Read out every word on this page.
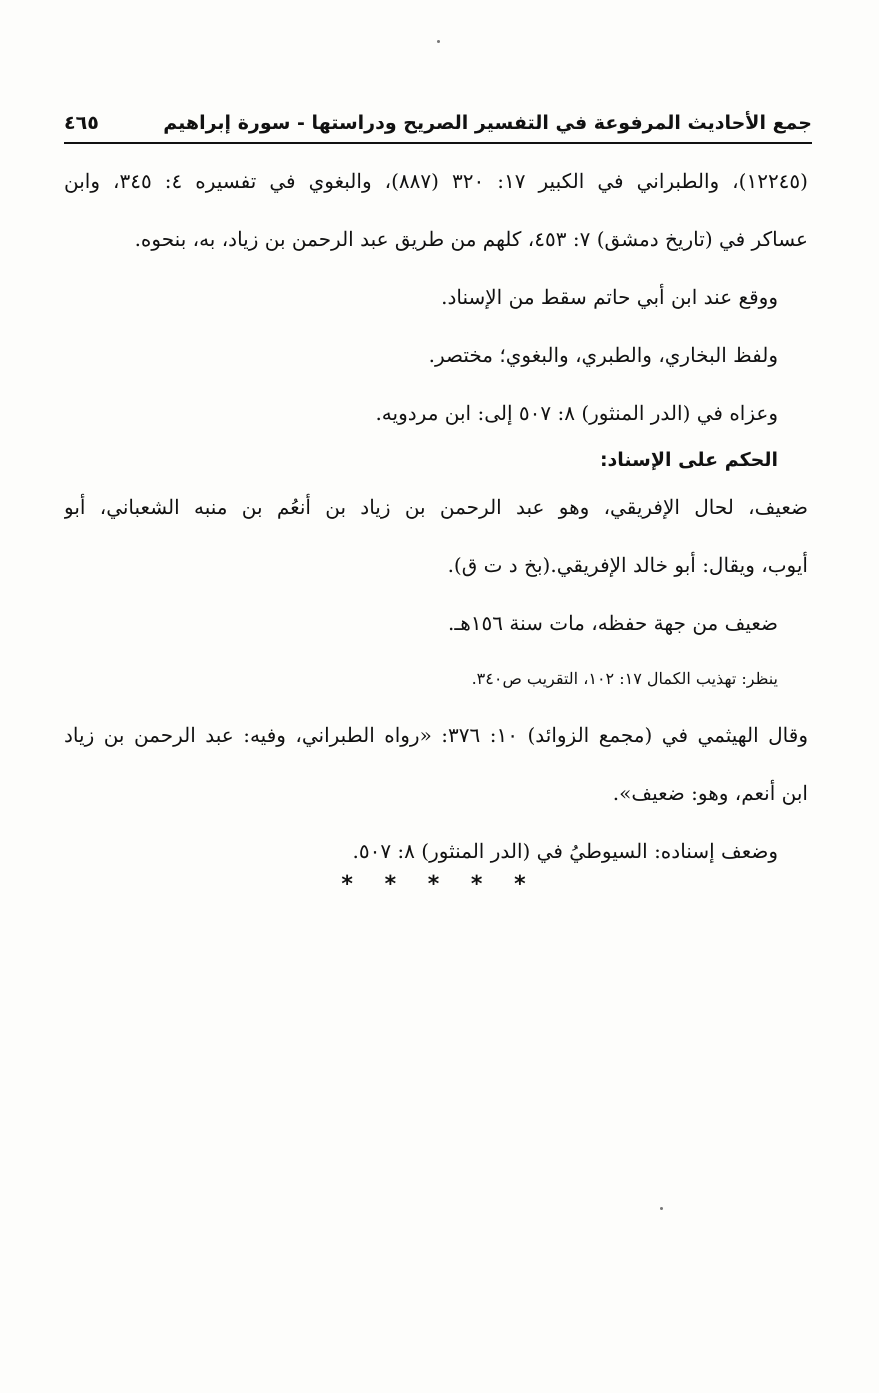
جمع الأحاديث المرفوعة في التفسير الصريح ودراستها - سورة إبراهيم
٤٦٥
(١٢٢٤٥)، والطبراني في الكبير ١٧: ٣٢٠ (٨٨٧)، والبغوي في تفسيره ٤: ٣٤٥، وابن
عساكر في (تاريخ دمشق) ٧: ٤٥٣، كلهم من طريق عبد الرحمن بن زياد، به، بنحوه.
ووقع عند ابن أبي حاتم سقط من الإسناد.
ولفظ البخاري، والطبري، والبغوي؛ مختصر.
وعزاه في (الدر المنثور) ٨: ٥٠٧ إلى: ابن مردويه.
الحكم على الإسناد:
ضعيف، لحال الإفريقي، وهو عبد الرحمن بن زياد بن أنعُم بن منبه الشعباني، أبو
أيوب، ويقال: أبو خالد الإفريقي.(بخ د ت ق).
ضعيف من جهة حفظه، مات سنة ١٥٦هـ.
ينظر: تهذيب الكمال ١٧: ١٠٢، التقريب ص٣٤٠.
وقال الهيثمي في (مجمع الزوائد) ١٠: ٣٧٦: «رواه الطبراني، وفيه: عبد الرحمن بن زياد
ابن أنعم، وهو: ضعيف».
وضعف إسناده: السيوطيُ في (الدر المنثور) ٨: ٥٠٧.
* * * * *
